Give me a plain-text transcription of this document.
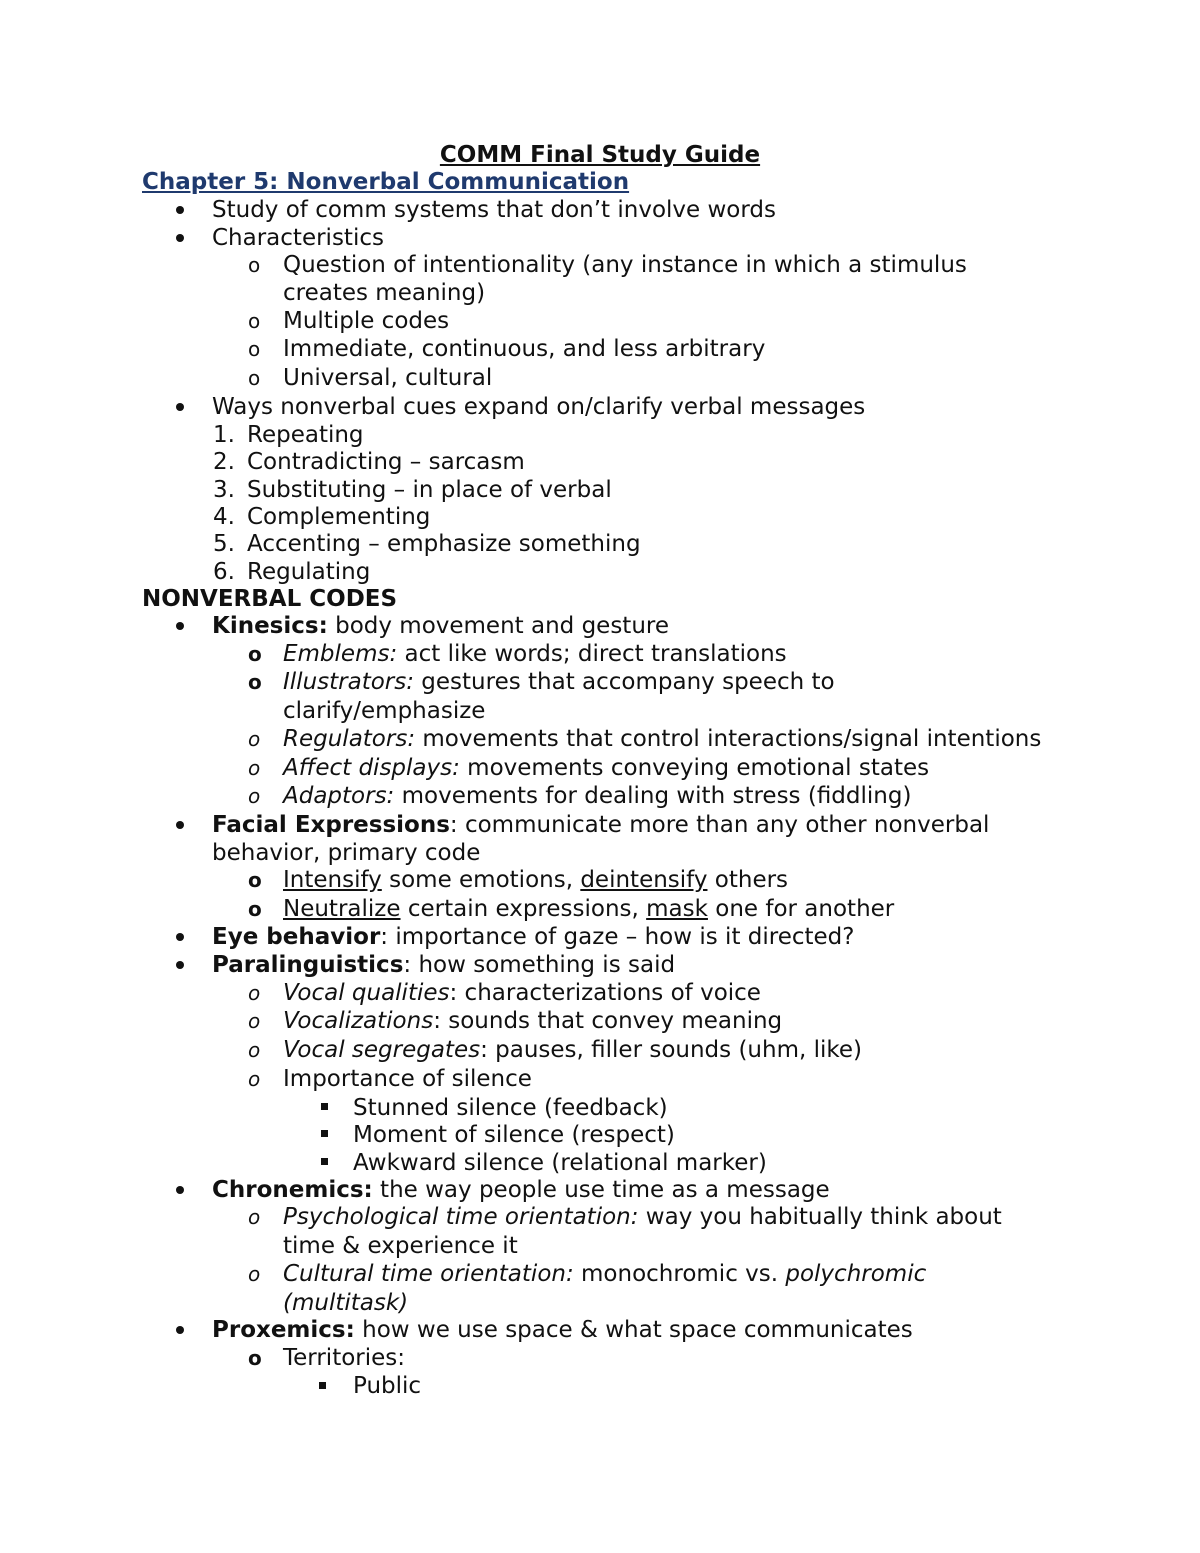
COMM Final Study Guide
Chapter 5: Nonverbal Communication
Study of comm systems that don’t involve words
Characteristics
o Question of intentionality (any instance in which a stimulus
creates meaning)
o Multiple codes
o Immediate, continuous, and less arbitrary
o Universal, cultural
Ways nonverbal cues expand on/clarify verbal messages
1. Repeating
2. Contradicting – sarcasm
3. Substituting – in place of verbal
4. Complementing
5. Accenting – emphasize something
6. Regulating
NONVERBAL CODES
Kinesics: body movement and gesture
o Emblems: act like words; direct translations
o Illustrators: gestures that accompany speech to
clarify/emphasize
o Regulators: movements that control interactions/signal intentions
o Affect displays: movements conveying emotional states
o Adaptors: movements for dealing with stress (fiddling)
Facial Expressions: communicate more than any other nonverbal
behavior, primary code
o Intensify some emotions, deintensify others
o Neutralize certain expressions, mask one for another
Eye behavior: importance of gaze – how is it directed?
Paralinguistics: how something is said
o Vocal qualities: characterizations of voice
o Vocalizations: sounds that convey meaning
o Vocal segregates: pauses, filler sounds (uhm, like)
o Importance of silence
Stunned silence (feedback)
Moment of silence (respect)
Awkward silence (relational marker)
Chronemics: the way people use time as a message
o Psychological time orientation: way you habitually think about
time & experience it
o Cultural time orientation: monochromic vs. polychromic
(multitask)
Proxemics: how we use space & what space communicates
o Territories:
Public
